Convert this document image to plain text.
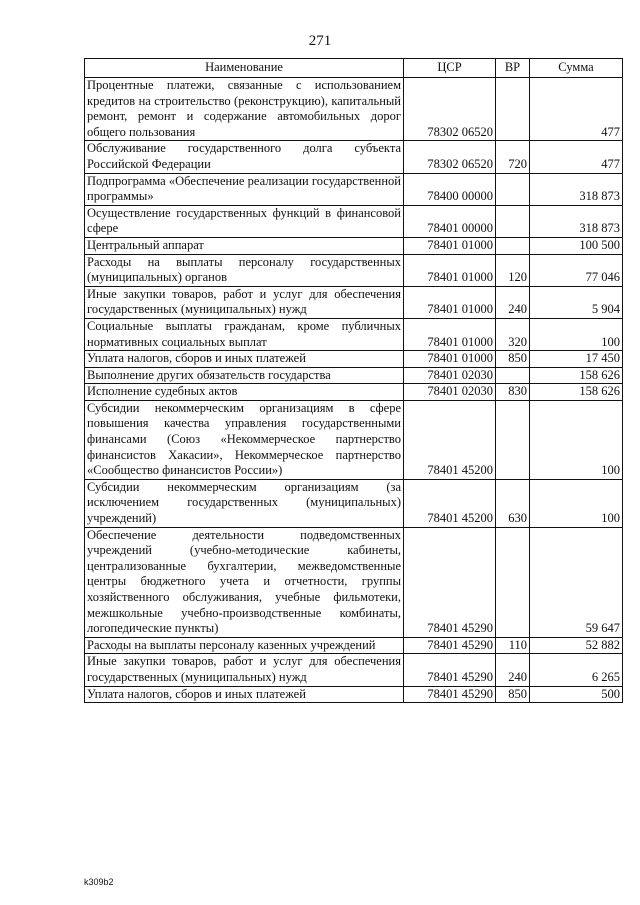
271
Наименование	ЦСР	ВР	Сумма
Процентные платежи, связанные с использованием кредитов на строительство (реконструкцию), капитальный ремонт, ремонт и содержание автомобильных дорог общего пользования	78302 06520		477
Обслуживание государственного долга субъекта Российской Федерации	78302 06520	720	477
Подпрограмма «Обеспечение реализации государственной программы»	78400 00000		318 873
Осуществление государственных функций в финансовой сфере	78401 00000		318 873
Центральный аппарат	78401 01000		100 500
Расходы на выплаты персоналу государственных (муниципальных) органов	78401 01000	120	77 046
Иные закупки товаров, работ и услуг для обеспечения государственных (муниципальных) нужд	78401 01000	240	5 904
Социальные выплаты гражданам, кроме публичных нормативных социальных выплат	78401 01000	320	100
Уплата налогов, сборов и иных платежей	78401 01000	850	17 450
Выполнение других обязательств государства	78401 02030		158 626
Исполнение судебных актов	78401 02030	830	158 626
Субсидии некоммерческим организациям в сфере повышения качества управления государственными финансами (Союз «Некоммерческое партнерство финансистов Хакасии», Некоммерческое партнерство «Сообщество финансистов России»)	78401 45200		100
Субсидии некоммерческим организациям (за исключением государственных (муниципальных) учреждений)	78401 45200	630	100
Обеспечение деятельности подведомственных учреждений (учебно-методические кабинеты, централизованные бухгалтерии, межведомственные центры бюджетного учета и отчетности, группы хозяйственного обслуживания, учебные фильмотеки, межшкольные учебно-производственные комбинаты, логопедические пункты)	78401 45290		59 647
Расходы на выплаты персоналу казенных учреждений	78401 45290	110	52 882
Иные закупки товаров, работ и услуг для обеспечения государственных (муниципальных) нужд	78401 45290	240	6 265
Уплата налогов, сборов и иных платежей	78401 45290	850	500
k309b2
